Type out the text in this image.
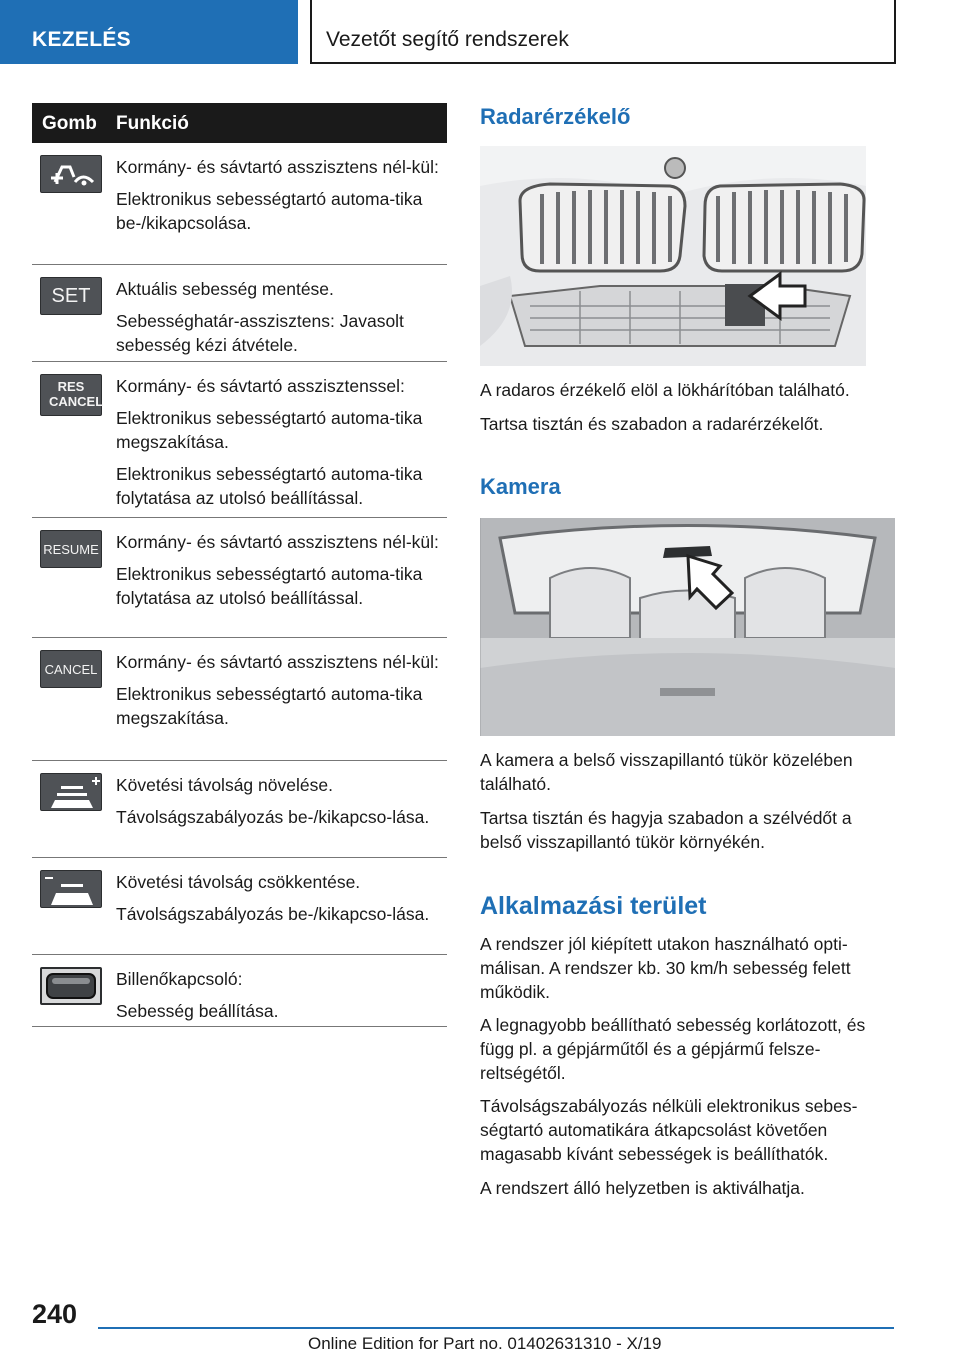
KEZELÉS	Vezetőt segítő rendszerek
Gomb Funkció

Kormány- és sávtartó asszisztens nél-kül:

Elektronikus sebességtartó automa-tika be-/kikapcsolása.

SET	Aktuális sebesség mentése.

Sebességhatár-asszisztens: Javasolt sebesség kézi átvétele.

RES CANCEL

Kormány- és sávtartó asszisztenssel:

Elektronikus sebességtartó automa-tika megszakítása.

Elektronikus sebességtartó automa-tika folytatása az utolsó beállítással.

RESUME Kormány- és sávtartó asszisztens nél-kül:

Elektronikus sebességtartó automa-tika folytatása az utolsó beállítással.

CANCEL Kormány- és sávtartó asszisztens nél-kül:

Elektronikus sebességtartó automa-tika megszakítása.

Követési távolság növelése.

Távolságszabályozás be-/kikapcso-lása.

Követési távolság csökkentése.

Távolságszabályozás be-/kikapcso-lása.

Billenőkapcsoló:

Sebesség beállítása.

Radarérzékelő
A radaros érzékelő elöl a lökhárítóban található.
Tartsa tisztán és szabadon a radarérzékelőt.
Kamera
A kamera a belső visszapillantó tükör közelében található.
Tartsa tisztán és hagyja szabadon a szélvédőt a belső visszapillantó tükör környékén.
Alkalmazási terület
A rendszer jól kiépített utakon használható opti-málisan. A rendszer kb. 30 km/h sebesség felett működik.
A legnagyobb beállítható sebesség korlátozott, és függ pl. a gépjárműtől és a gépjármű felsze-reltségétől.
Távolságszabályozás nélküli elektronikus sebes-ségtartó automatikára átkapcsolást követően magasabb kívánt sebességek is beállíthatók.
A rendszert álló helyzetben is aktiválhatja.
240
Online Edition for Part no. 01402631310 - X/19
